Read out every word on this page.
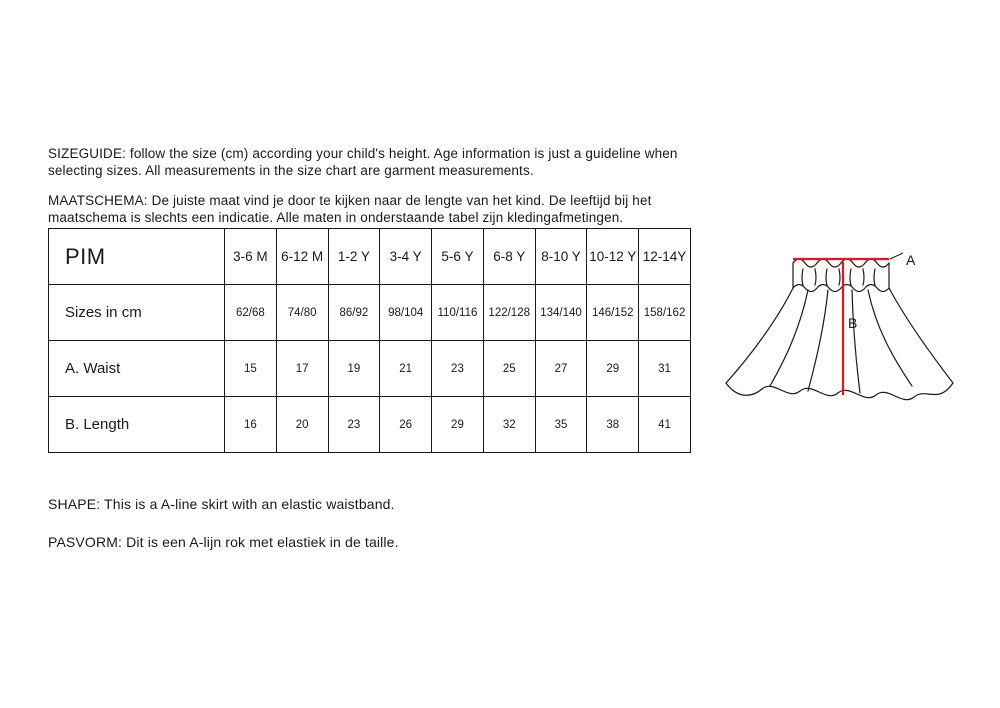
SIZEGUIDE: follow the size (cm) according your child's height. Age information is just a guideline when selecting sizes. All measurements in the size chart are garment measurements.

MAATSCHEMA: De juiste maat vind je door te kijken naar de lengte van het kind. De leeftijd bij het maatschema is slechts een indicatie. Alle maten in onderstaande tabel zijn kledingafmetingen.

PIM	3-6 M	6-12 M	1-2 Y	3-4 Y	5-6 Y	6-8 Y	8-10 Y	10-12 Y	12-14Y
Sizes in cm	62/68	74/80	86/92	98/104	110/116	122/128	134/140	146/152	158/162
A. Waist	15	17	19	21	23	25	27	29	31
B. Length	16	20	23	26	29	32	35	38	41
A
B

SHAPE: This is a A-line skirt with an elastic waistband.

PASVORM: Dit is een A-lijn rok met elastiek in de taille.
